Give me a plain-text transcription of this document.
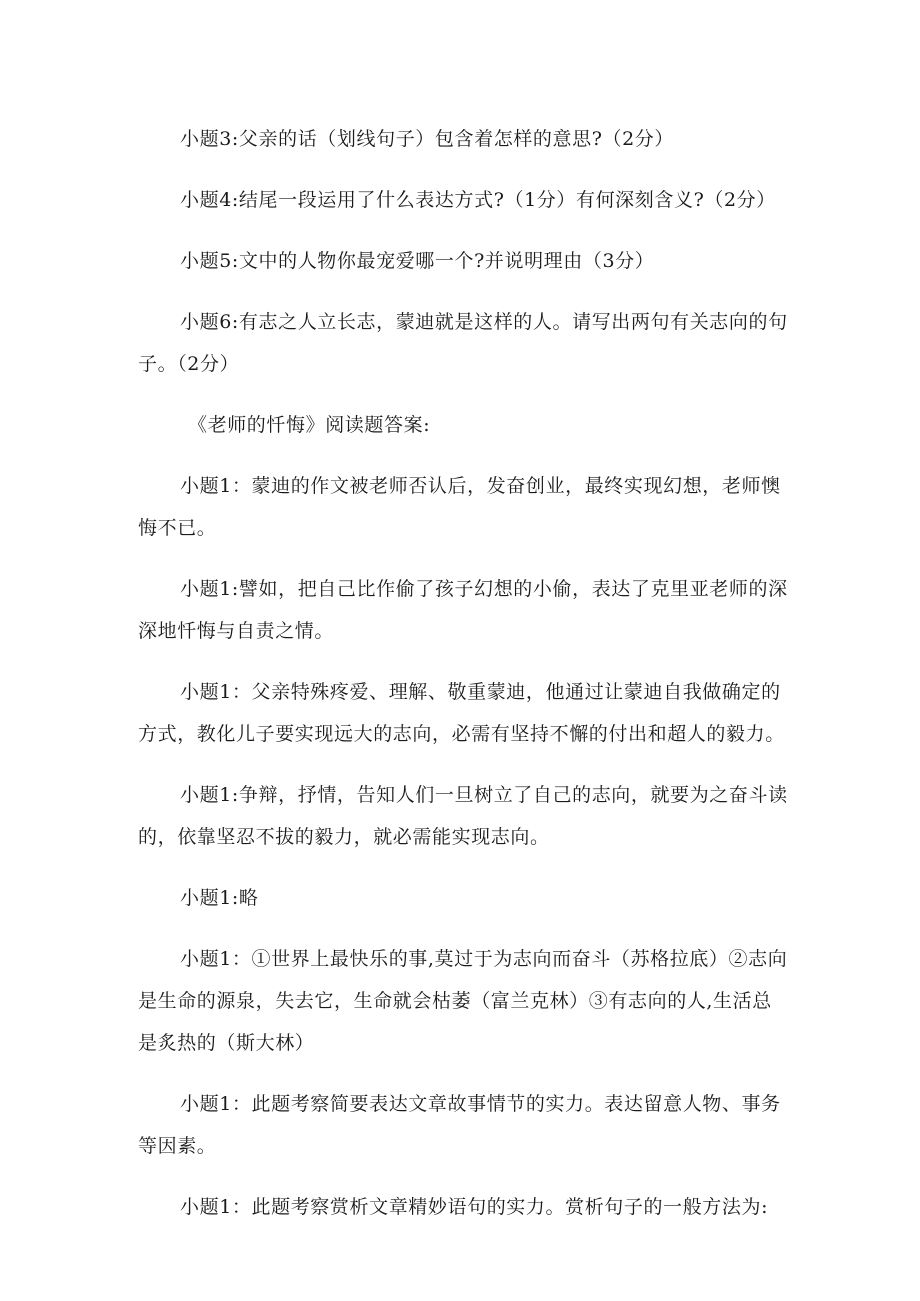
小题3:父亲的话（划线句子）包含着怎样的意思?（2分）

小题4:结尾一段运用了什么表达方式?（1分）有何深刻含义?（2分）

小题5:文中的人物你最宠爱哪一个?并说明理由（3分）

小题6:有志之人立长志，蒙迪就是这样的人。请写出两句有关志向的句子。（2分）

《老师的忏悔》阅读题答案:

小题1：蒙迪的作文被老师否认后，发奋创业，最终实现幻想，老师懊悔不已。

小题1:譬如，把自己比作偷了孩子幻想的小偷，表达了克里亚老师的深深地忏悔与自责之情。

小题1：父亲特殊疼爱、理解、敬重蒙迪，他通过让蒙迪自我做确定的方式，教化儿子要实现远大的志向，必需有坚持不懈的付出和超人的毅力。

小题1:争辩，抒情，告知人们一旦树立了自己的志向，就要为之奋斗读的，依靠坚忍不拔的毅力，就必需能实现志向。

小题1:略

小题1：①世界上最快乐的事,莫过于为志向而奋斗（苏格拉底）②志向是生命的源泉，失去它，生命就会枯萎（富兰克林）③有志向的人,生活总是炙热的（斯大林）

小题1：此题考察简要表达文章故事情节的实力。表达留意人物、事务等因素。

小题1：此题考察赏析文章精妙语句的实力。赏析句子的一般方法为:
